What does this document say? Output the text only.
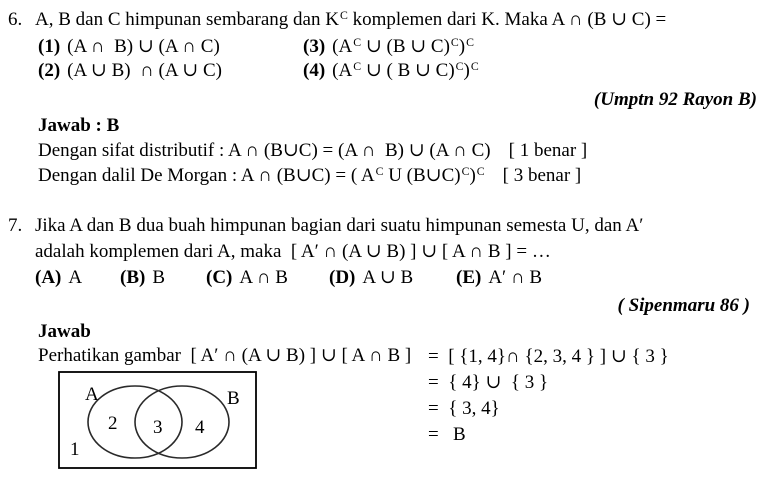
6. A, B dan C himpunan sembarang dan $K^C$ komplemen dari K. Maka A ∩ (B ∪ C) =
(1) (A ∩  B) ∪ (A ∩ C)	(3) ($A^C$ ∪ (B ∪ C)$^C$)$^C$
(2) (A ∪ B)  ∩ (A ∪ C)	(4) ($A^C$ ∪ ( B ∪ C)$^C$)$^C$
(Umptn 92 Rayon B)
Jawab : B
Dengan sifat distributif : A ∩ (B∪C) = (A ∩  B) ∪ (A ∩ C) [ 1 benar ]
Dengan dalil De Morgan : A ∩ (B∪C) = ( $A^C$ U (B∪C)$^C$)$^C$ [ 3 benar ]
7. Jika A dan B dua buah himpunan bagian dari suatu himpunan semesta U, dan A′
adalah komplemen dari A, maka  [ A′ ∩ (A ∪ B) ] ∪ [ A ∩ B ] = …
(A) A	(B) B	(C) A ∩ B	(D) A ∪ B	(E) A′ ∩ B
( Sipenmaru 86 )
Jawab
Perhatikan gambar [ A′ ∩ (A ∪ B) ] ∪ [ A ∩ B ] =  [ {1, 4}∩ {2, 3, 4 } ] ∪ { 3 }
=  { 4} ∪  { 3 }
=  { 3, 4}
=   B
A	B
2 3 4
1
